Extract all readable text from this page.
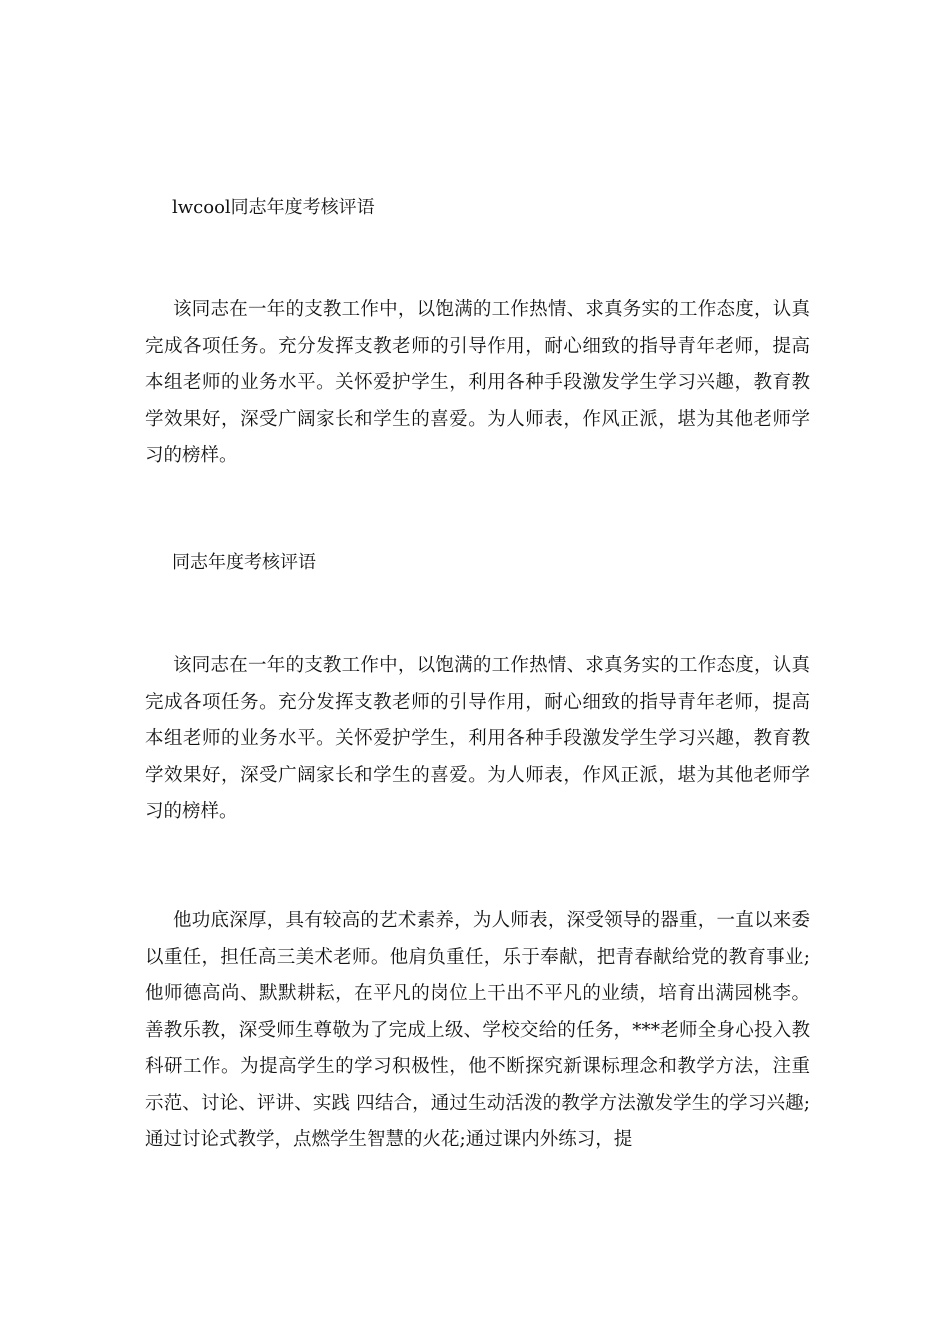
lwcool同志年度考核评语

该同志在一年的支教工作中，以饱满的工作热情、求真务实的工作态度，认真完成各项任务。充分发挥支教老师的引导作用，耐心细致的指导青年老师，提高本组老师的业务水平。关怀爱护学生，利用各种手段激发学生学习兴趣，教育教学效果好，深受广阔家长和学生的喜爱。为人师表，作风正派，堪为其他老师学习的榜样。

同志年度考核评语

该同志在一年的支教工作中，以饱满的工作热情、求真务实的工作态度，认真完成各项任务。充分发挥支教老师的引导作用，耐心细致的指导青年老师，提高本组老师的业务水平。关怀爱护学生，利用各种手段激发学生学习兴趣，教育教学效果好，深受广阔家长和学生的喜爱。为人师表，作风正派，堪为其他老师学习的榜样。

他功底深厚，具有较高的艺术素养，为人师表，深受领导的器重，一直以来委以重任，担任高三美术老师。他肩负重任，乐于奉献，把青春献给党的教育事业;他师德高尚、默默耕耘，在平凡的岗位上干出不平凡的业绩，培育出满园桃李。善教乐教，深受师生尊敬为了完成上级、学校交给的任务，***老师全身心投入教科研工作。为提高学生的学习积极性，他不断探究新课标理念和教学方法，注重 示范、讨论、评讲、实践 四结合，通过生动活泼的教学方法激发学生的学习兴趣;通过讨论式教学，点燃学生智慧的火花;通过课内外练习，提
